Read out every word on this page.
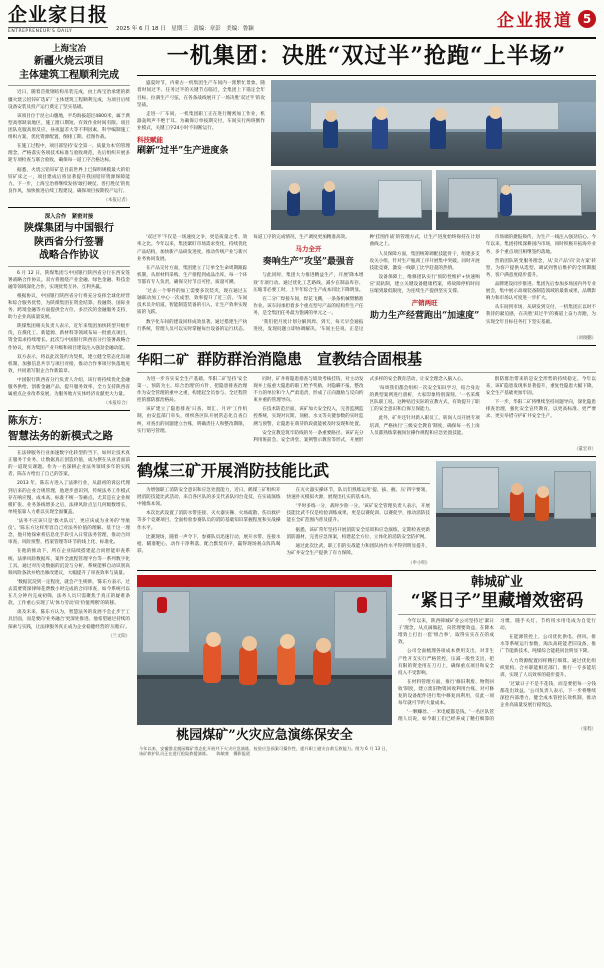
企业家日报
ENTREPRENEUR'S DAILY	2025 年 6 月 18 日　星期三　责编：章彭　美编：鲁颖	企业报道 5
上海宝冶
新疆火烧云项目
主体建筑工程顺利完成

近日，随着首批钢结构吊装完成，由上海宝冶承建的新疆火烧云铅锌矿选矿厂主体建筑工程顺利完成，为项目后续设备安装及投产运行奠定了坚实基础。

该项目位于昆仑山腹地，平均海拔超过4800米，属于典型高寒缺氧地区，施工窗口期短、有效作业时间有限。项目团队克服高原反应、昼夜温差大等不利因素，科学编制施工组织方案，优化资源配置，倒排工期、挂图作战。

在施工过程中，项目部坚持'安全第一、质量为本'的管理理念，严格落实各项技术标准与验收规范，先后组织开展多轮专项检查与联合验收，确保每一道工序合格达标。

据悉，火烧云铅锌矿是目前世界上已探明规模最大的铅锌矿床之一，项目建成后将显著提升我国铅锌资源保障能力。下一步，上海宝冶将继续发扬'敢打硬仗、善打胜仗'的优良作风，加快推进后续工程建设，确保项目按期投产运行。

（本报记者）
深入合作　紧密对接
陕煤集团与中国银行
陕西省分行签署
战略合作协议

6 月 12 日，陕煤集团与中国银行陕西省分行在西安签署战略合作协议。双方将围绕产业金融、绿色金融、科技金融等领域深化合作，实现优势互补、互利共赢。

根据协议，中国银行陕西省分行将充分发挥全球化经营和综合服务优势，为陕煤集团在资金结算、投融资、国际业务、跨境金融等方面提供全方位、多层次的金融服务支持，助力企业高质量发展。

陕煤集团相关负责人表示，近年来集团加快转型升级步伐，在煤化工、新能源、新材料等领域布局一批重点项目，资金需求持续增长。此次与中国银行陕西省分行签署战略合作协议，将为集团产业升级和项目建设注入强劲金融动能。

双方表示，将以此次签约为契机，建立健全常态化沟通机制，加强信息共享与项目对接，推动合作事项尽快落地见效，共同谱写银企合作新篇章。

中国银行陕西省分行负责人介绍，该行将持续优化金融服务供给，创新金融产品，提升服务效率，全力支持陕西省属重点企业改革发展，为服务地方实体经济贡献更大力量。

（本报综合）
陈东方：
智慧法务的新模式之路

在法律服务行业加速数字化转型的当下，如何让技术真正服务于业务、让数据真正创造价值，成为摆在从业者面前的一道现实课题。作为一名深耕企业法务领域多年的实践者，陈东方给出了自己的答案。

2013 年，陈东方进入了法律行业，从最初的诉讼代理到后来的企业合规管理，他逐步意识到，传统法务工作模式存在响应慢、成本高、标准不统一等痛点。尤其是在企业规模扩张、业务条线增多之后，法律风险点呈几何级数增长，单纯依靠人力难以实现全面覆盖。

'法务不应该只是'救火队员'，更应该成为业务的'导航仪'。'陈东方这样形容自己对法务价值的理解。基于这一理念，他开始探索将信息化手段引入日常法务管理，推动合同审查、风险预警、档案管理等环节的线上化、标准化。

在他的推动下，所在企业陆续搭建起合同智能审查系统、法律风险数据库、案件全流程管理平台等一系列数字化工具。通过对历史数据的沉淀与分析，系统能够自动识别高频风险条款并给出修改建议，大幅提升了审查效率与质量。

'数据沉淀到一定程度，就会产生规律。'陈东方表示，过去需要资深律师花费数小时完成的合同审查，如今系统可以在几分钟内完成初筛，法务人员只需聚焦于真正的疑难条款，工作重心实现了从'体力劳动'向'价值判断'的转移。

谈及未来，陈东方认为，智慧法务的发展不会止步于工具层面，而是要向'业务融合'更深处推进。他希望通过持续的探索与实践，让法律服务真正成为企业稳健经营的'压舱石'。

（兰文阳）
一机集团：决胜“双过半”抢跑“上半场”

盛夏时节，内蒙古一机集团生产车间内一派繁忙景象。随着时间过半、任务过半的关键节点临近，全集团上下锚定全年目标，拉满生产弓弦，在各条战线展开了一场决胜'双过半'的攻坚战。

走进一厂车间，一机集团职工正在进行精密加工作业，机器轰鸣声不绝于耳。为确保订单按期交付，车间实行两班倒作业模式，关键工序24小时不间断运行。

科技赋能
刷新“过半”生产进度条

'双过半'不仅是一场速度之争，更是质量之考、效率之比。今年以来，集团紧盯市场需求变化，持续优化产品结构，加快新产品研发进度，推动传统产业与新兴业务协同发展。

在产品交付方面，集团建立了订单全生命周期跟踪机制，从原材料采购、生产排程到成品出库，每一个环节都有专人负责，确保交付节点可控、质量可溯。

'过去一个零件的加工需要多次装夹，现在通过五轴联动加工中心一次成型，效率提升了近三倍。'车间技术员介绍道。智能制造装备的引入，让生产效率实现质的飞跃。

数字化车间的建设同样成效显著。通过搭建生产执行系统，管理人员可以实时掌握每台设备的运行状态、每道工序的完成情况，生产调度更加精准高效。

马力全开
奏响生产“攻坚”最强音

与此同时，集团大力推进精益生产，开展'降本增效'专项行动。通过优化工艺路线、减少在制品库存、压缩非必要工时，上半年综合生产成本同比下降明显。

在二分厂焊接车间，焊花飞溅，一条条机械臂精准作业。该车间承担着多个重点型号产品的结构件生产任务，是全集团任务最为饱满的单元之一。

'我们把月度计划分解到周、到天，每天早会通报进度，发现问题立即协调解决。'车间主任说，正是这种'挂图作战'的管理方式，让生产进度始终保持在计划曲线之上。

人员保障方面，集团统筹调配技能骨干，组建多支攻关小组，针对生产瓶颈工序开展集中突破。同时开展技能竞赛，激发一线职工比学赶超的热情。

设备保障上，维修团队实行'预防性维护+快速响应'双轨制，建立关键设备健康档案，将故障停机时间压缩到最低限度，为连续生产提供坚实支撑。

产销两旺
助力生产经营跑出“加速度”

市场端的捷报频传，为生产一线注入强劲信心。今年以来，集团持续深耕国内市场，同时积极开拓海外业务，多个重点项目相继签约落地。

营销团队转变服务理念，从'卖产品'向'卖方案'转型，为客户提供从选型、调试到售后维护的全周期服务，客户满意度稳步提升。

品牌建设同步推进。集团先后参加多场国内外专业展会，集中展示高端装备制造领域的最新成果，品牌影响力和市场认可度进一步扩大。

从车间到市场，从研发到交付，一机集团正以时不我待的紧迫感，在决胜'双过半'的赛道上奋力奔跑，为实现全年目标任务打下坚实基础。

（刘俊鹏）
华阳二矿 群防群治消隐患　宣教结合固根基

为进一步夯实安全生产基础，华阳二矿坚持'安全第一、预防为主、综合治理'的方针，把隐患排查治理作为安全管理的重中之重，构建起全员参与、全过程管控的群防群治格局。

该矿建立了隐患排查'日查、周汇、月评'工作机制，由安监部门牵头，组织各区队开展常态化自查自纠，对查出的问题建立台账，明确责任人和整改期限，实行销号管理。

同时，矿井将隐患排查与绩效考核挂钩，对主动发现并上报重大隐患的职工给予奖励，对隐瞒不报、整改不力的单位和个人严肃追责，形成了正向激励与反向约束并重的管理导向。

在技术防范层面，该矿加大安全投入，完善监测监控系统，实现对瓦斯、顶板、水文等关键参数的实时监测与预警，让隐患在萌芽阶段就能被及时发现和处置。

安全宣教是筑牢防线的另一条重要路径。该矿充分利用班前会、安全讲堂、案例警示教育等形式，开展形式多样的安全教育活动，让安全理念入脑入心。

'每周我们都会组织一次安全知识学习，结合身边的典型案例进行剖析，大家印象特别深刻。'一名采煤区队职工说。这种贴近实际的宣教方式，有效提升了职工的安全意识和自保互保能力。

此外，矿井还针对新入职员工、转岗人员开展专项培训，严格执行'三级安全教育'制度，确保每一名上岗人员都熟练掌握岗位操作规程和应急处置技能。

群防群治带来的是安全形势的持续稳定。今年以来，该矿隐患发现率显著提升，重复性隐患大幅下降，安全生产基础更加牢固。

下一步，华阳二矿将继续坚持问题导向，深化隐患排查治理，强化安全宣传教育，以更高标准、更严要求、更实举措守护矿井安全生产。

（董宏祥）
鹤煤三矿开展消防技能比武

为增强职工消防安全意识和应急处置能力，近日，鹤煤三矿组织开展消防技能比武活动，来自各区队的多支代表队同台竞技，在实战演练中锤炼本领。

本次比武设置了消防水带连接、灭火器实操、火场疏散、伤员救护等多个竞赛项目，全面检验参赛队员的消防基础知识掌握程度和实战操作水平。

比赛现场，随着一声令下，参赛队员迅速行动，展开水带、连接水枪、瞄准靶心，动作干净利落，配合默契有序，赢得现场观众阵阵喝彩。

在灭火器实操环节，队员们熟练运用'提、拔、握、压'四字要领，快速扑灭模拟火源，展现出扎实的基本功。

'平时多练一分，战时少险一分。'该矿安全管理负责人表示，开展技能比武不仅是检验训练成果，更是以赛促训、以赛促学，推动消防技能在全矿范围内普及提升。

据悉，该矿常年坚持开展消防安全培训和应急演练，定期检查更新消防器材，完善应急预案，构建起全方位、立体化的消防安全防护网。

通过此次比武，职工们的实战能力和团队协作水平得到明显提升，为矿井安全生产提供了有力保障。

（申小明）
桃园煤矿”火灾应急演练保安全
今年以来，安徽淮北桃园煤矿常态化开展井下火灾应急演练，检验应急预案可操作性，提升职工避灾自救互救能力。图为 6 月 13 日，该矿救护队员正在进行抢险救援演练。　　陈敏豪　摄影报道
韩城矿业
“紧日子”里藏增效密码

今年以来，陕西韩城矿业公司坚持过'紧日子'理念，从点滴做起，向管理要效益，在降本增效上打出一套'组合拳'，取得实实在在的成效。

公司全面梳理各项成本费用支出，对非生产性开支实行严格管控，压减一般性支出，把有限的资金用在刀刃上，确保重点项目和安全投入不受影响。

在材料管理方面，推行'修旧利废、物资回收'制度，建立废旧物资回收利用台账，对可修复的设备配件进行集中修复再利用，仅此一项每年就可节约大量成本。

'一颗螺丝、一米电缆都是钱。'一名区队管理人员说，如今职工们已经养成了精打细算的习惯，随手关灯、节约用水用电成为自觉行动。

在能源管控上，公司优化供电、供风、排水等系统运行参数，淘汰高耗能老旧设备，推广节能新技术，吨煤综合能耗同比明显下降。

人力资源配置同样精打细算。通过优化组织架构、合并职能相近部门、推行一专多能培训，实现了人员效率的稳步提升。

'过紧日子不是不花钱，而是要把每一分钱都花出效益。'公司负责人表示，下一步将继续深挖内部潜力，健全成本管控长效机制，推动企业高质量发展行稳致远。

（张程）
